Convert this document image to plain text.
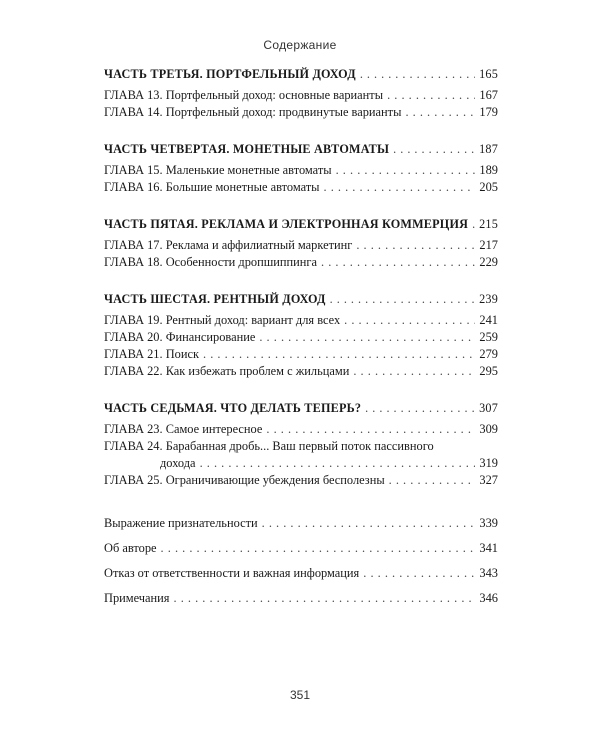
Содержание
ЧАСТЬ ТРЕТЬЯ. ПОРТФЕЛЬНЫЙ ДОХОД . . .	165
ГЛАВА 13. Портфельный доход: основные варианты . . .	167
ГЛАВА 14. Портфельный доход: продвинутые варианты . . .	179
ЧАСТЬ ЧЕТВЕРТАЯ. МОНЕТНЫЕ АВТОМАТЫ . . .	187
ГЛАВА 15. Маленькие монетные автоматы . . .	189
ГЛАВА 16. Большие монетные автоматы . . .	205
ЧАСТЬ ПЯТАЯ. РЕКЛАМА И ЭЛЕКТРОННАЯ КОММЕРЦИЯ . . . 215
ГЛАВА 17. Реклама и аффилиатный маркетинг . . .	217
ГЛАВА 18. Особенности дропшиппинга . . .	229
ЧАСТЬ ШЕСТАЯ. РЕНТНЫЙ ДОХОД . . .	239
ГЛАВА 19. Рентный доход: вариант для всех . . .	241
ГЛАВА 20. Финансирование . . .	259
ГЛАВА 21. Поиск . . .	279
ГЛАВА 22. Как избежать проблем с жильцами . . .	295
ЧАСТЬ СЕДЬМАЯ. ЧТО ДЕЛАТЬ ТЕПЕРЬ? . . .	307
ГЛАВА 23. Самое интересное . . .	309
ГЛАВА 24. Барабанная дробь... Ваш первый поток пассивного
дохода . . .	319
ГЛАВА 25. Ограничивающие убеждения бесполезны . . .	327
Выражение признательности . . .	339
Об авторе . . .	341
Отказ от ответственности и важная информация . . .	343
Примечания . . .	346
351
